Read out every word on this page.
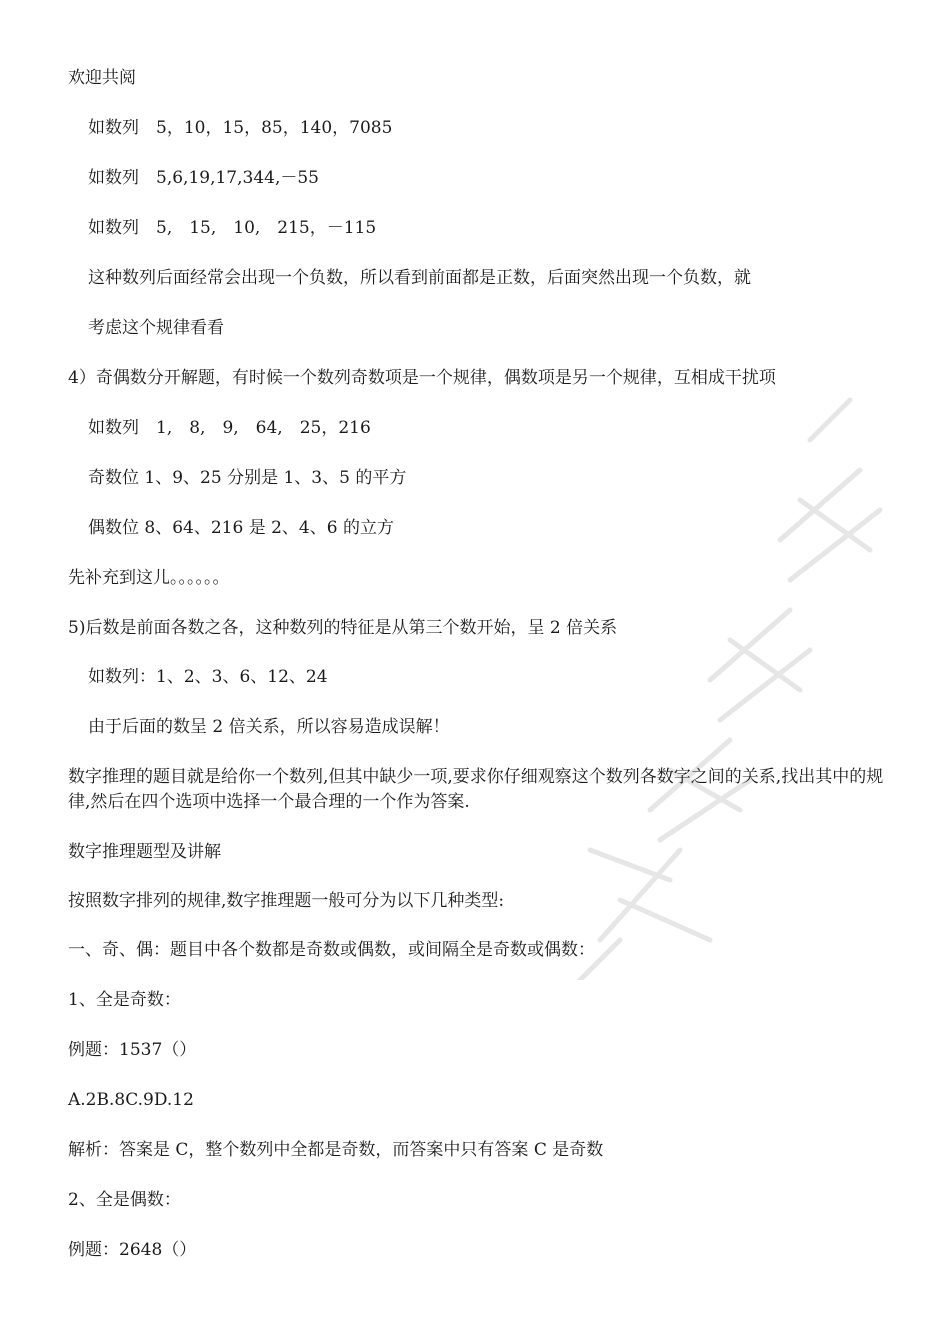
欢迎共阅
如数列　5，10，15，85，140，7085
如数列　5,6,19,17,344,－55
如数列　5,　15,　10,　215，－115
这种数列后面经常会出现一个负数，所以看到前面都是正数，后面突然出现一个负数，就
考虑这个规律看看
4）奇偶数分开解题，有时候一个数列奇数项是一个规律，偶数项是另一个规律，互相成干扰项
如数列　1,　8,　9,　64,　25，216
奇数位 1、9、25 分别是 1、3、5 的平方
偶数位 8、64、216 是 2、4、6 的立方
先补充到这儿。。。。。。
5)后数是前面各数之各，这种数列的特征是从第三个数开始，呈 2 倍关系
如数列：1、2、3、6、12、24
由于后面的数呈 2 倍关系，所以容易造成误解！
数字推理的题目就是给你一个数列,但其中缺少一项,要求你仔细观察这个数列各数字之间的关系,找出其中的规律,然后在四个选项中选择一个最合理的一个作为答案.
数字推理题型及讲解
按照数字排列的规律,数字推理题一般可分为以下几种类型:
一、奇、偶：题目中各个数都是奇数或偶数，或间隔全是奇数或偶数：
1、全是奇数：
例题：1537（）
A.2B.8C.9D.12
解析：答案是 C，整个数列中全都是奇数，而答案中只有答案 C 是奇数
2、全是偶数：
例题：2648（）
